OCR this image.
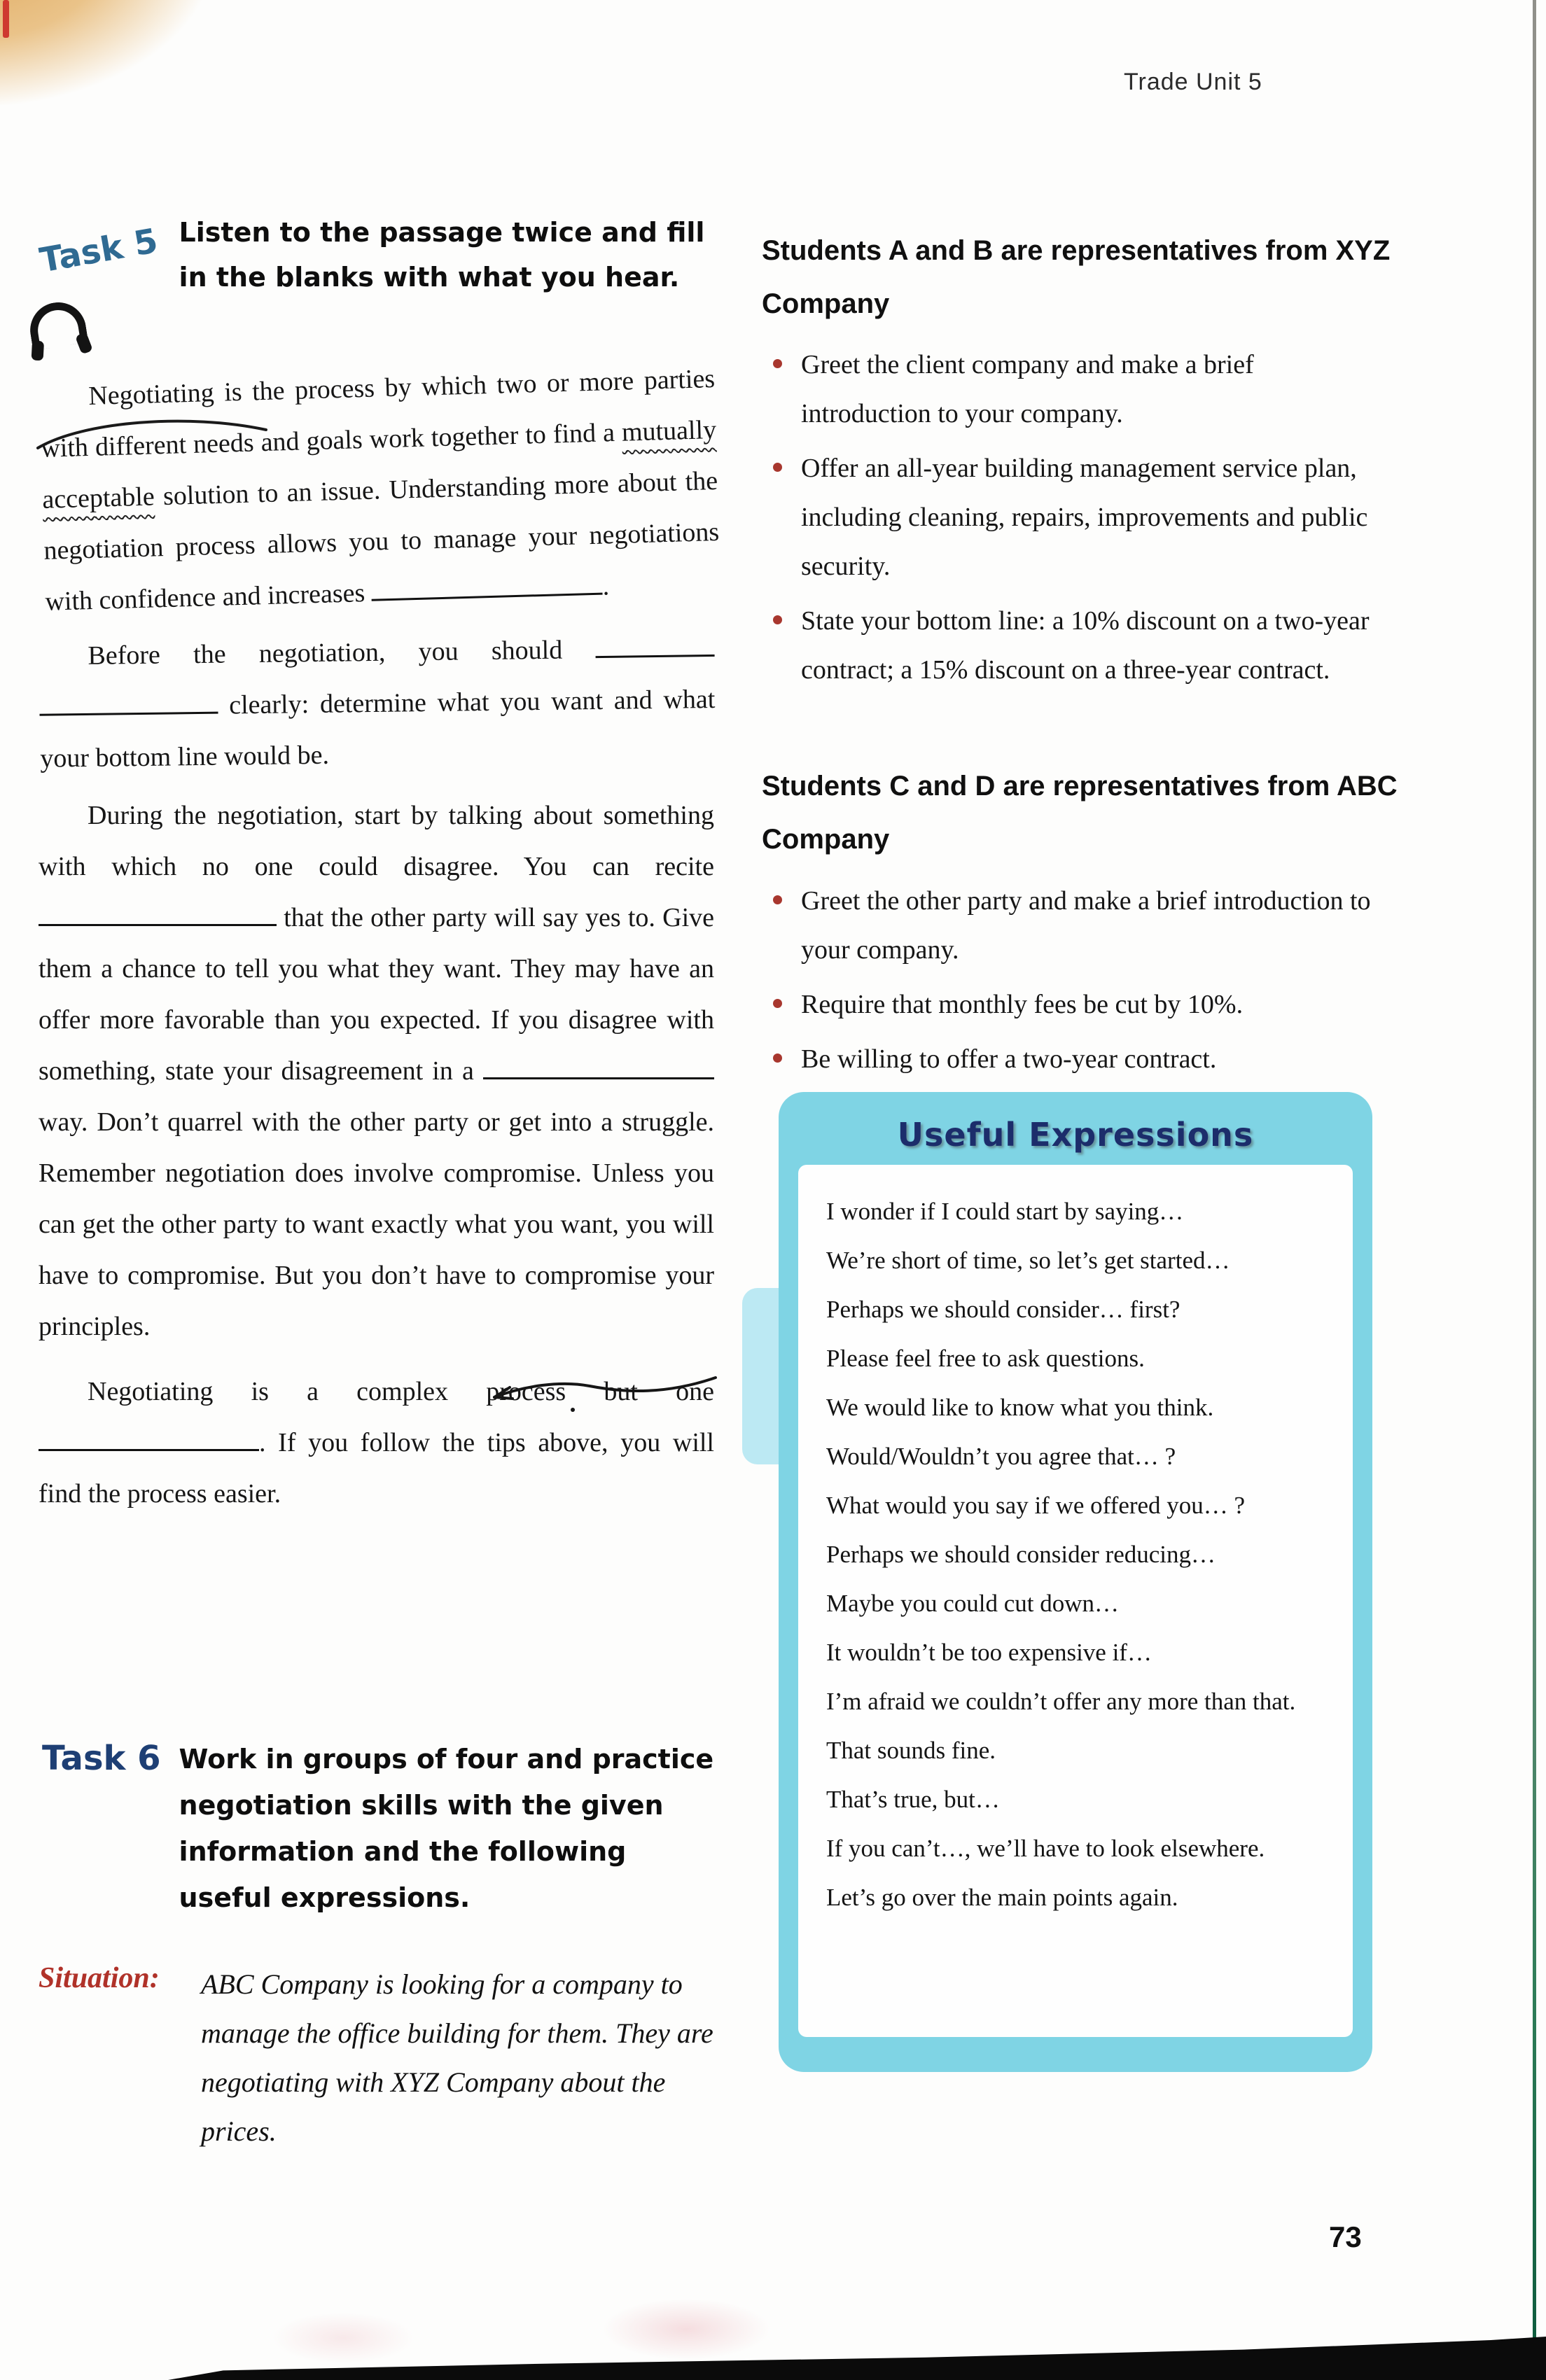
Trade Unit 5
73
Task 5 Listen to the passage twice and fill in the blanks with what you hear.

Negotiating is the process by which two or more parties with different needs and goals work together to find a mutually acceptable solution to an issue. Understanding more about the negotiation process allows you to manage your negotiations with confidence and increases	.

Before the negotiation, you should   clearly: determine what you want and what your bottom line would be.

During the negotiation, start by talking about something with which no one could disagree. You can recite  that the other party will say yes to. Give them a chance to tell you what they want. They may have an offer more favorable than you expected. If you disagree with something, state your disagreement in a  way. Don’t quarrel with the other party or get into a struggle. Remember negotiation does involve compromise. Unless you can get the other party to want exactly what you want, you will have to compromise. But you don’t have to compromise your principles.

Negotiating is a complex process but one . If you follow the tips above, you will find the process easier.

Task 6 Work in groups of four and practice negotiation skills with the given information and the following useful expressions.
Situation:	ABC Company is looking for a company to manage the office building for them. They are negotiating with XYZ Company about the prices.
Students A and B are representatives from XYZ Company
Greet the client company and make a brief introduction to your company.
Offer an all-year building management service plan, including cleaning, repairs, improvements and public security.
State your bottom line: a 10% discount on a two-year contract; a 15% discount on a three-year contract.
Students C and D are representatives from ABC Company
Greet the other party and make a brief introduction to your company.
Require that monthly fees be cut by 10%.
Be willing to offer a two-year contract.
Useful Expressions
I wonder if I could start by saying…
We’re short of time, so let’s get started…
Perhaps we should consider… first?
Please feel free to ask questions.
We would like to know what you think.
Would/Wouldn’t you agree that… ?
What would you say if we offered you… ?
Perhaps we should consider reducing…
Maybe you could cut down…
It wouldn’t be too expensive if…
I’m afraid we couldn’t offer any more than that.
That sounds fine.
That’s true, but…
If you can’t…, we’ll have to look elsewhere.
Let’s go over the main points again.
